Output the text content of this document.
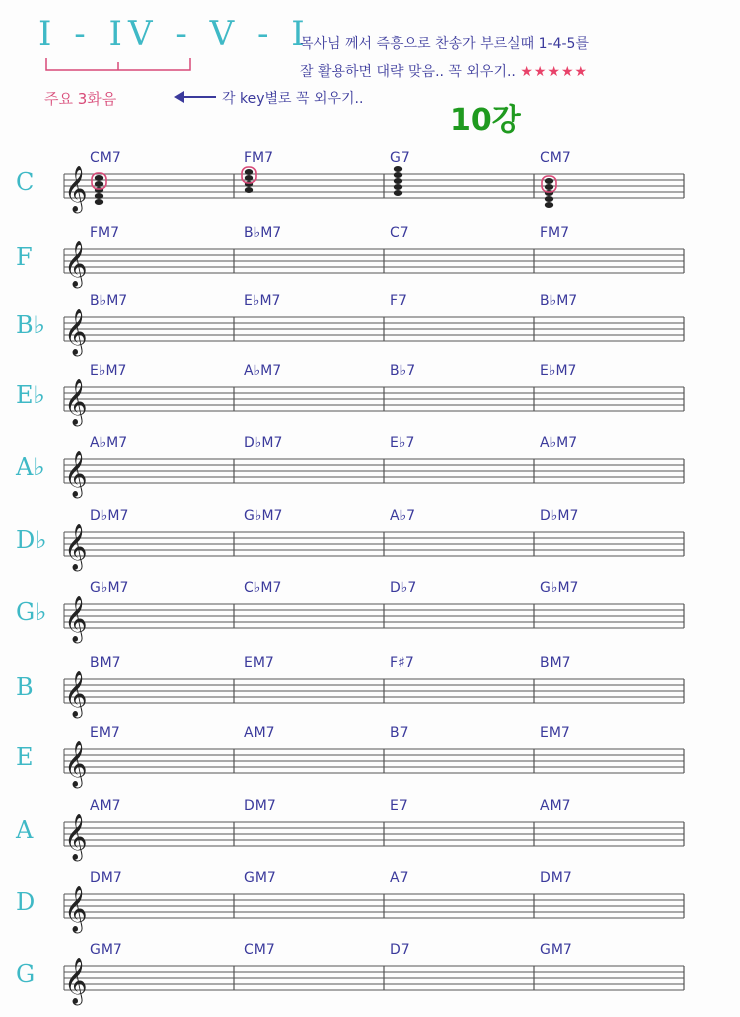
I - IV - V - I
주요 3화음	각 key별로 꼭 외우기..
목사님 께서 즉흥으로 찬송가 부르실때 1-4-5를
잘 활용하면 대략 맞음.. 꼭 외우기.. ★★★★★
10강
C 𝄞
CM7	FM7	G7	CM7
F 𝄞
FM7	B♭M7	C7	FM7
B♭ 𝄞
B♭M7	E♭M7	F7	B♭M7
E♭ 𝄞
E♭M7	A♭M7	B♭7	E♭M7
A♭ 𝄞
A♭M7	D♭M7	E♭7	A♭M7
D♭ 𝄞
D♭M7	G♭M7	A♭7	D♭M7
G♭ 𝄞
G♭M7	C♭M7	D♭7	G♭M7
B 𝄞
BM7	EM7	F♯7	BM7
E 𝄞
EM7	AM7	B7	EM7
A 𝄞
AM7	DM7	E7	AM7
D 𝄞
DM7	GM7	A7	DM7
G 𝄞
GM7	CM7	D7	GM7
